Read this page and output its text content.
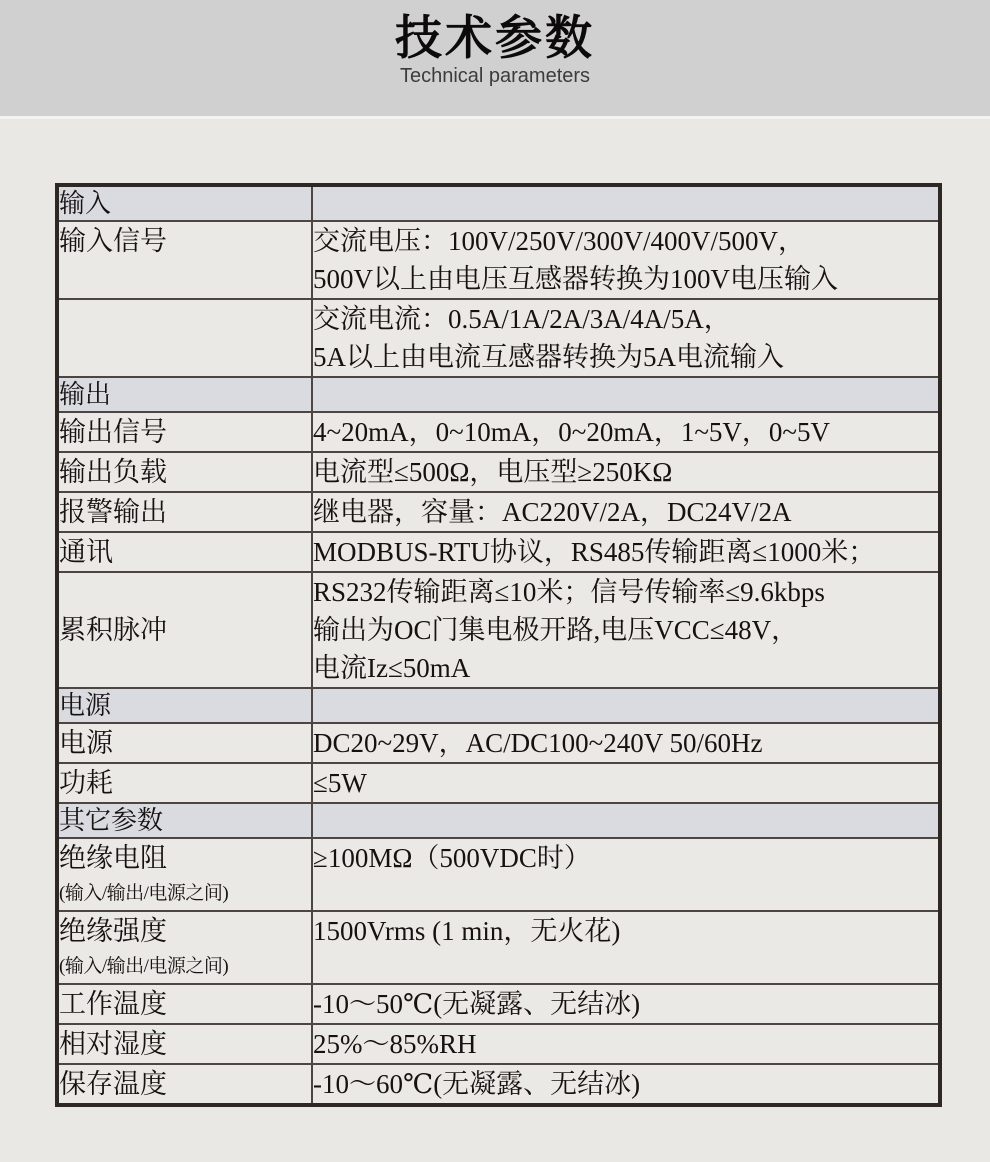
技术参数
Technical parameters
输入	

输入信号	交流电压：100V/250V/300V/400V/500V，
500V以上由电压互感器转换为100V电压输入

	交流电流：0.5A/1A/2A/3A/4A/5A，
5A以上由电流互感器转换为5A电流输入

输出	

输出信号	4~20mA，0~10mA，0~20mA，1~5V，0~5V

输出负载	电流型≤500Ω，电压型≥250KΩ

报警输出	继电器，容量：AC220V/2A，DC24V/2A

通讯	MODBUS-RTU协议，RS485传输距离≤1000米；

累积脉冲	RS232传输距离≤10米；信号传输率≤9.6kbps
输出为OC门集电极开路,电压VCC≤48V，
电流Iz≤50mA

电源	

电源	DC20~29V，AC/DC100~240V 50/60Hz

功耗	≤5W

其它参数	

绝缘电阻
(输入/输出/电源之间)	≥100MΩ（500VDC时）

绝缘强度
(输入/输出/电源之间)	1500Vrms (1 min，无火花)

工作温度	-10～50℃(无凝露、无结冰)

相对湿度	25%～85%RH

保存温度	-10～60℃(无凝露、无结冰)
